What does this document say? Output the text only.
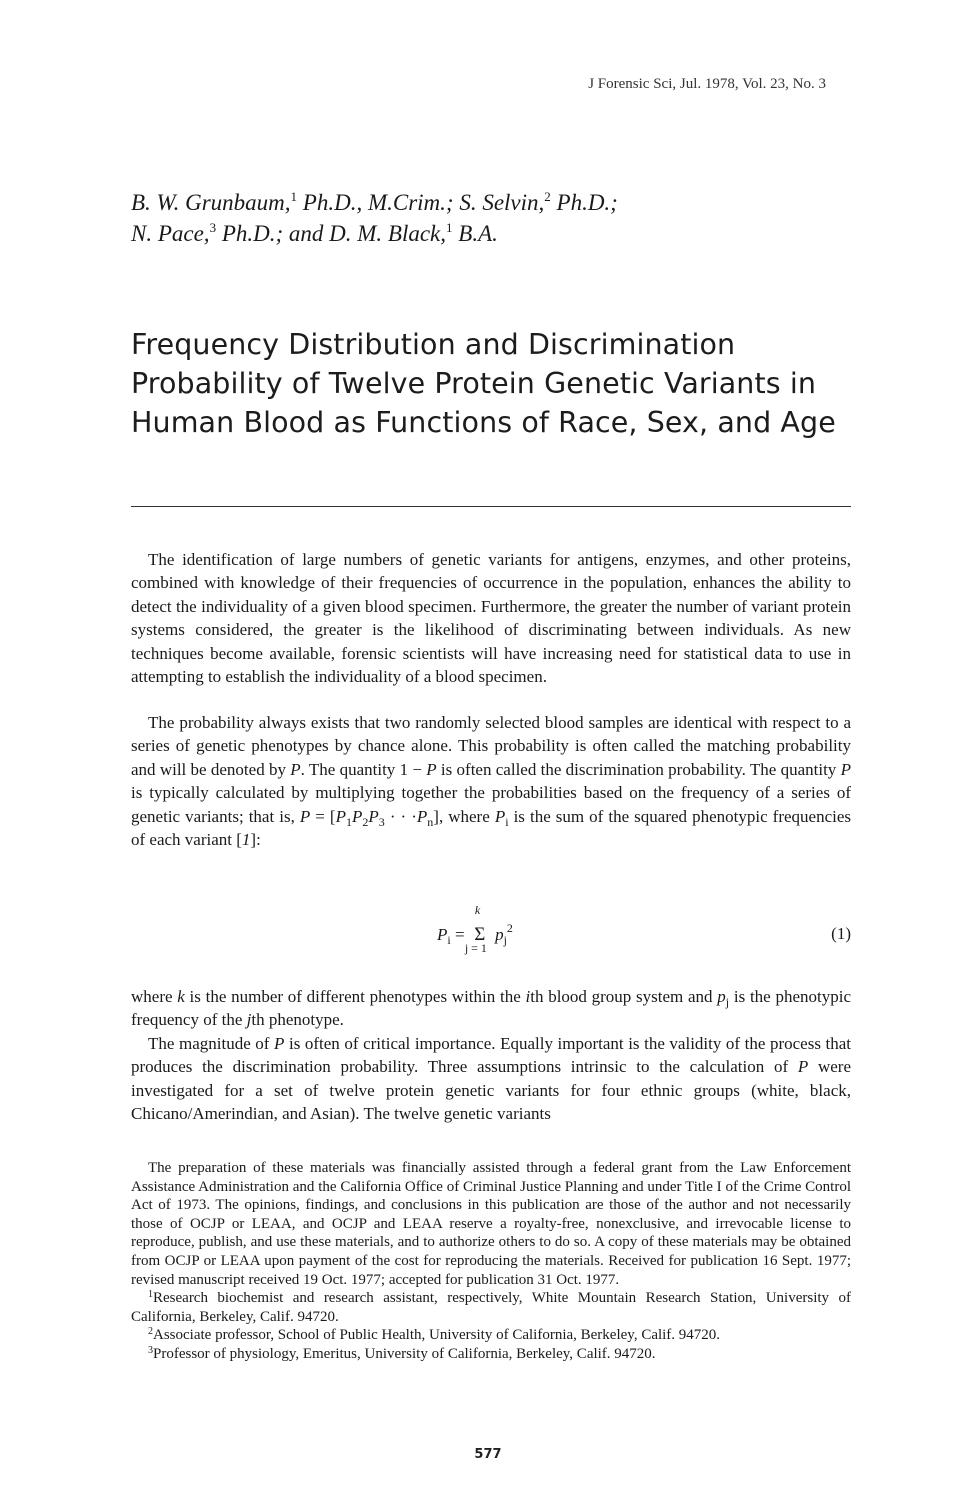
J Forensic Sci, Jul. 1978, Vol. 23, No. 3
B. W. Grunbaum,$^1$ Ph.D., M.Crim.; S. Selvin,$^2$ Ph.D.;
N. Pace,$^3$ Ph.D.; and D. M. Black,$^1$ B.A.
Frequency Distribution and Discrimination
Probability of Twelve Protein Genetic Variants in
Human Blood as Functions of Race, Sex, and Age

The identification of large numbers of genetic variants for antigens, enzymes, and other proteins, combined with knowledge of their frequencies of occurrence in the population, enhances the ability to detect the individuality of a given blood specimen. Furthermore, the greater the number of variant protein systems considered, the greater is the likelihood of discriminating between individuals. As new techniques become available, forensic scientists will have increasing need for statistical data to use in attempting to establish the individuality of a blood specimen.

The probability always exists that two randomly selected blood samples are identical with respect to a series of genetic phenotypes by chance alone. This probability is often called the matching probability and will be denoted by P. The quantity 1 − P is often called the discrimination probability. The quantity P is typically calculated by multiplying together the probabilities based on the frequency of a series of genetic variants; that is, $P = [P_1P_2P_3$ · · $\cdot P_n$], where $P_i$ is the sum of the squared phenotypic frequencies of each variant [1]:

$P_i$ =
k
Σ
j = 1
$p_j^2$	(1)

where k is the number of different phenotypes within the ith blood group system and $p_j$ is the phenotypic frequency of the jth phenotype.

The magnitude of P is often of critical importance. Equally important is the validity of the process that produces the discrimination probability. Three assumptions intrinsic to the calculation of P were investigated for a set of twelve protein genetic variants for four ethnic groups (white, black, Chicano/Amerindian, and Asian). The twelve genetic variants

The preparation of these materials was financially assisted through a federal grant from the Law Enforcement Assistance Administration and the California Office of Criminal Justice Planning and under Title I of the Crime Control Act of 1973. The opinions, findings, and conclusions in this publication are those of the author and not necessarily those of OCJP or LEAA, and OCJP and LEAA reserve a royalty-free, nonexclusive, and irrevocable license to reproduce, publish, and use these materials, and to authorize others to do so. A copy of these materials may be obtained from OCJP or LEAA upon payment of the cost for reproducing the materials. Received for publication 16 Sept. 1977; revised manuscript received 19 Oct. 1977; accepted for publication 31 Oct. 1977.

$^1$Research biochemist and research assistant, respectively, White Mountain Research Station, University of California, Berkeley, Calif. 94720.

$^2$Associate professor, School of Public Health, University of California, Berkeley, Calif. 94720.

$^3$Professor of physiology, Emeritus, University of California, Berkeley, Calif. 94720.

577
